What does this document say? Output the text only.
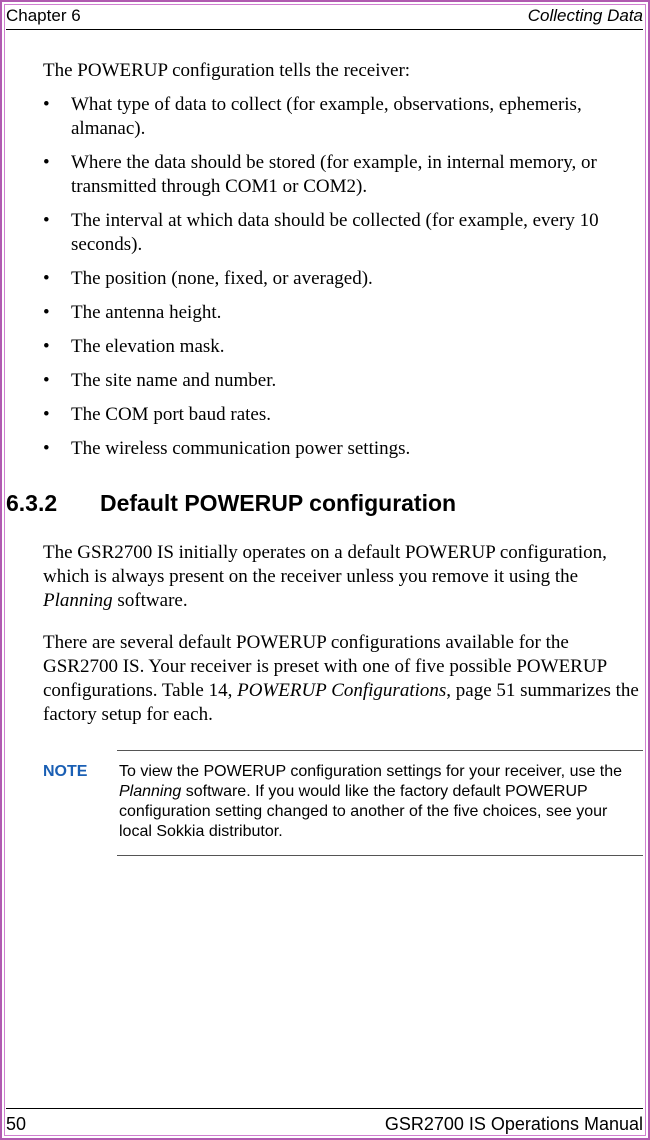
Chapter 6	Collecting Data
The POWERUP configuration tells the receiver:
• What type of data to collect (for example, observations, ephemeris, almanac).
• Where the data should be stored (for example, in internal memory, or transmitted through COM1 or COM2).
• The interval at which data should be collected (for example, every 10 seconds).
• The position (none, fixed, or averaged).
• The antenna height.
• The elevation mask.
• The site name and number.
• The COM port baud rates.
• The wireless communication power settings.
6.3.2 Default POWERUP configuration
The GSR2700 IS initially operates on a default POWERUP configuration, which is always present on the receiver unless you remove it using the Planning software.
There are several default POWERUP configurations available for the GSR2700 IS. Your receiver is preset with one of five possible POWERUP configurations. Table 14, POWERUP Configurations, page 51 summarizes the factory setup for each.
NOTE To view the POWERUP configuration settings for your receiver, use the Planning software. If you would like the factory default POWERUP configuration setting changed to another of the five choices, see your local Sokkia distributor.
50	GSR2700 IS Operations Manual
